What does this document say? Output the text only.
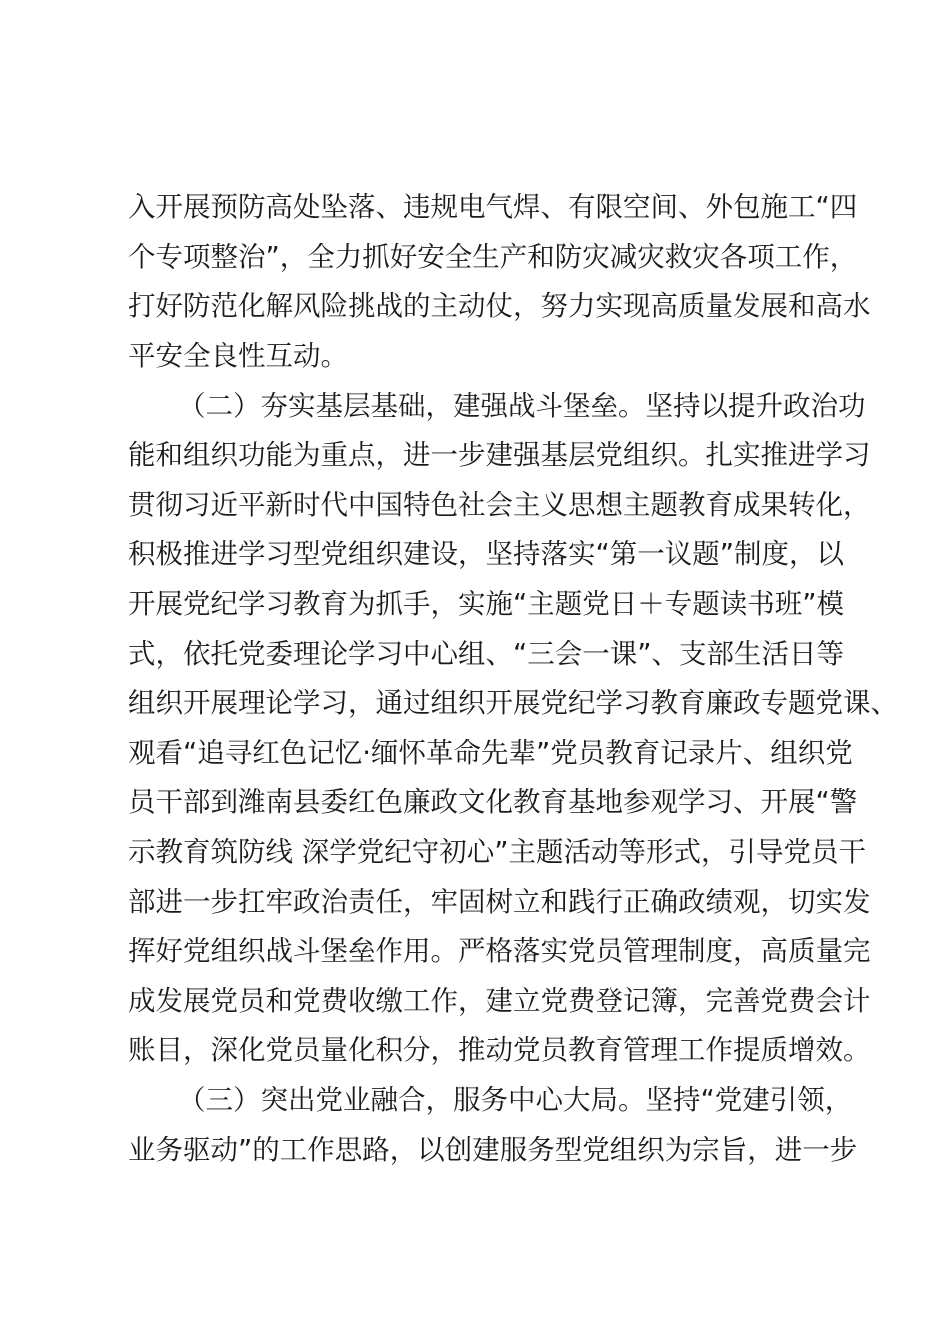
入开展预防高处坠落、违规电气焊、有限空间、外包施工“四
个专项整治”，全力抓好安全生产和防灾减灾救灾各项工作，
打好防范化解风险挑战的主动仗，努力实现高质量发展和高水
平安全良性互动。
（二）夯实基层基础，建强战斗堡垒。坚持以提升政治功
能和组织功能为重点，进一步建强基层党组织。扎实推进学习
贯彻习近平新时代中国特色社会主义思想主题教育成果转化，
积极推进学习型党组织建设，坚持落实“第一议题”制度，以
开展党纪学习教育为抓手，实施“主题党日＋专题读书班”模
式，依托党委理论学习中心组、“三会一课”、支部生活日等
组织开展理论学习，通过组织开展党纪学习教育廉政专题党课、
观看“追寻红色记忆·缅怀革命先辈”党员教育记录片、组织党
员干部到潍南县委红色廉政文化教育基地参观学习、开展“警
示教育筑防线 深学党纪守初心”主题活动等形式，引导党员干
部进一步扛牢政治责任，牢固树立和践行正确政绩观，切实发
挥好党组织战斗堡垒作用。严格落实党员管理制度，高质量完
成发展党员和党费收缴工作，建立党费登记簿，完善党费会计
账目，深化党员量化积分，推动党员教育管理工作提质增效。
（三）突出党业融合，服务中心大局。坚持“党建引领，
业务驱动”的工作思路，以创建服务型党组织为宗旨，进一步
